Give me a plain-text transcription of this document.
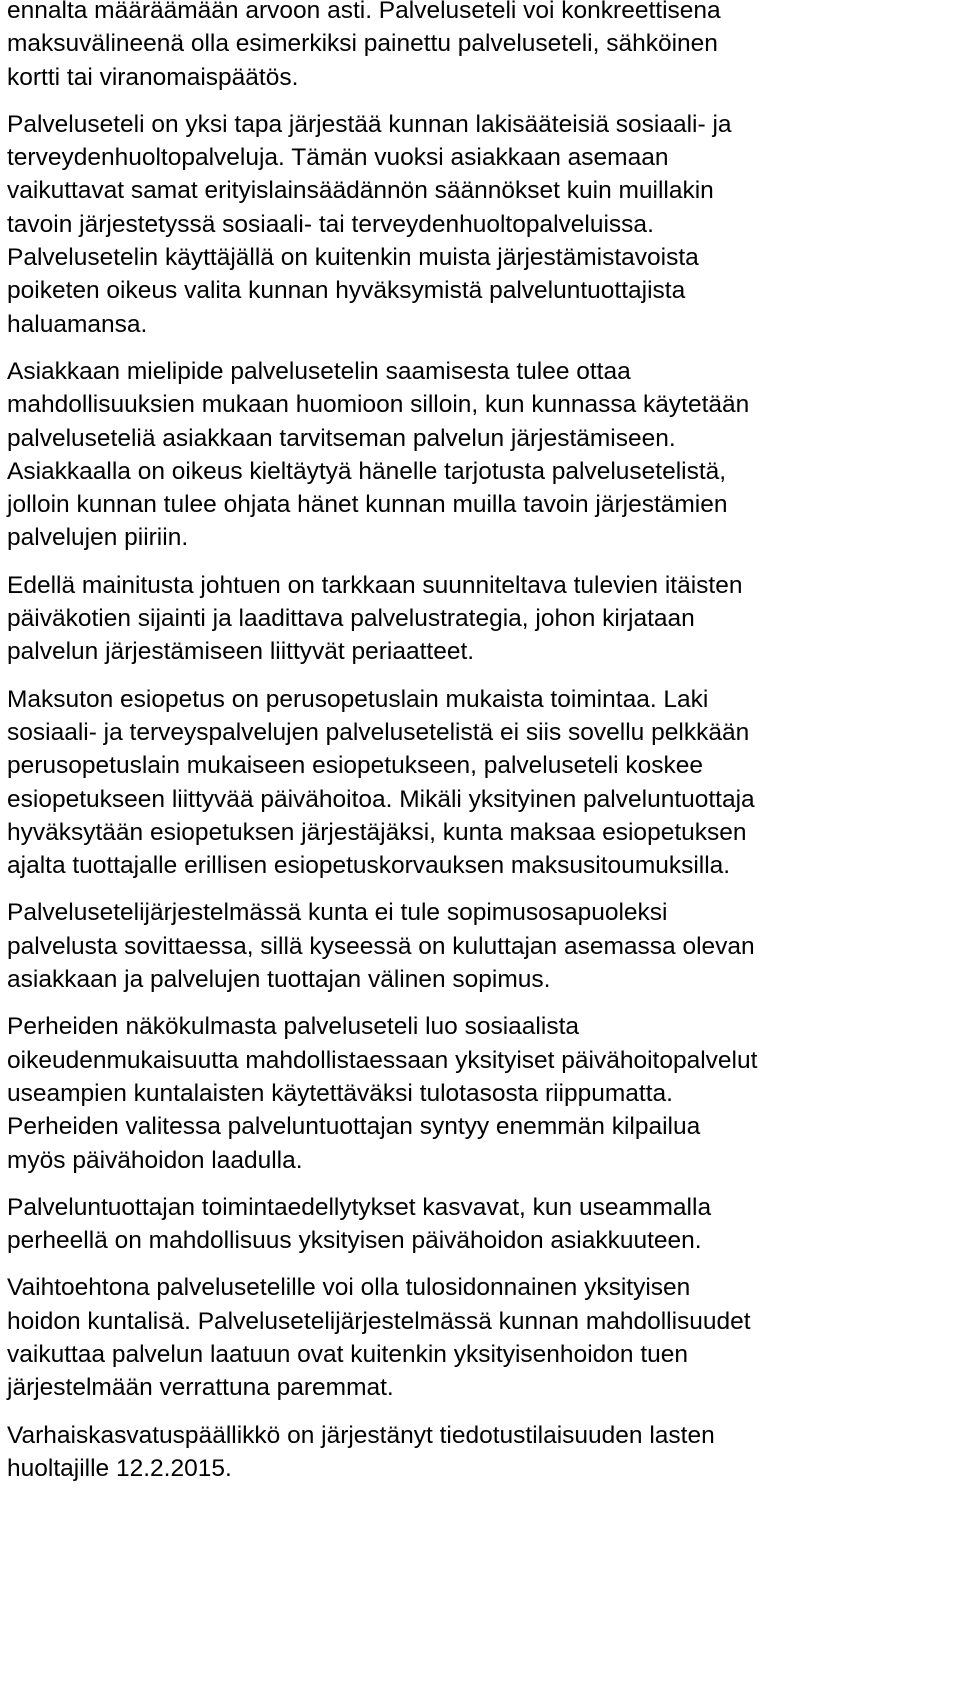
ennalta määräämään arvoon asti. Palveluseteli voi konkreettisena
maksuvälineenä olla esimerkiksi painettu palveluseteli, sähköinen
kortti tai viranomaispäätös.
Palveluseteli on yksi tapa järjestää kunnan lakisääteisiä sosiaali- ja
terveydenhuoltopalveluja. Tämän vuoksi asiakkaan asemaan
vaikuttavat samat erityislainsäädännön säännökset kuin muillakin
tavoin järjestetyssä sosiaali- tai terveydenhuoltopalveluissa.
Palvelusetelin käyttäjällä on kuitenkin muista järjestämistavoista
poiketen oikeus valita kunnan hyväksymistä palveluntuottajista
haluamansa.
Asiakkaan mielipide palvelusetelin saamisesta tulee ottaa
mahdollisuuksien mukaan huomioon silloin, kun kunnassa käytetään
palveluseteliä asiakkaan tarvitseman palvelun järjestämiseen.
Asiakkaalla on oikeus kieltäytyä hänelle tarjotusta palvelusetelistä,
jolloin kunnan tulee ohjata hänet kunnan muilla tavoin järjestämien
palvelujen piiriin.
Edellä mainitusta johtuen on tarkkaan suunniteltava tulevien itäisten
päiväkotien sijainti ja laadittava palvelustrategia, johon kirjataan
palvelun järjestämiseen liittyvät periaatteet.
Maksuton esiopetus on perusopetuslain mukaista toimintaa. Laki
sosiaali- ja terveyspalvelujen palvelusetelistä ei siis sovellu pelkkään
perusopetuslain mukaiseen esiopetukseen, palveluseteli koskee
esiopetukseen liittyvää päivähoitoa. Mikäli yksityinen palveluntuottaja
hyväksytään esiopetuksen järjestäjäksi, kunta maksaa esiopetuksen
ajalta tuottajalle erillisen esiopetuskorvauksen maksusitoumuksilla.
Palvelusetelijärjestelmässä kunta ei tule sopimusosapuoleksi
palvelusta sovittaessa, sillä kyseessä on kuluttajan asemassa olevan
asiakkaan ja palvelujen tuottajan välinen sopimus.
Perheiden näkökulmasta palveluseteli luo sosiaalista
oikeudenmukaisuutta mahdollistaessaan yksityiset päivähoitopalvelut
useampien kuntalaisten käytettäväksi tulotasosta riippumatta.
Perheiden valitessa palveluntuottajan syntyy enemmän kilpailua
myös päivähoidon laadulla.
Palveluntuottajan toimintaedellytykset kasvavat, kun useammalla
perheellä on mahdollisuus yksityisen päivähoidon asiakkuuteen.
Vaihtoehtona palvelusetelille voi olla tulosidonnainen yksityisen
hoidon kuntalisä. Palvelusetelijärjestelmässä kunnan mahdollisuudet
vaikuttaa palvelun laatuun ovat kuitenkin yksityisenhoidon tuen
järjestelmään verrattuna paremmat.
Varhaiskasvatuspäällikkö on järjestänyt tiedotustilaisuuden lasten
huoltajille 12.2.2015.
